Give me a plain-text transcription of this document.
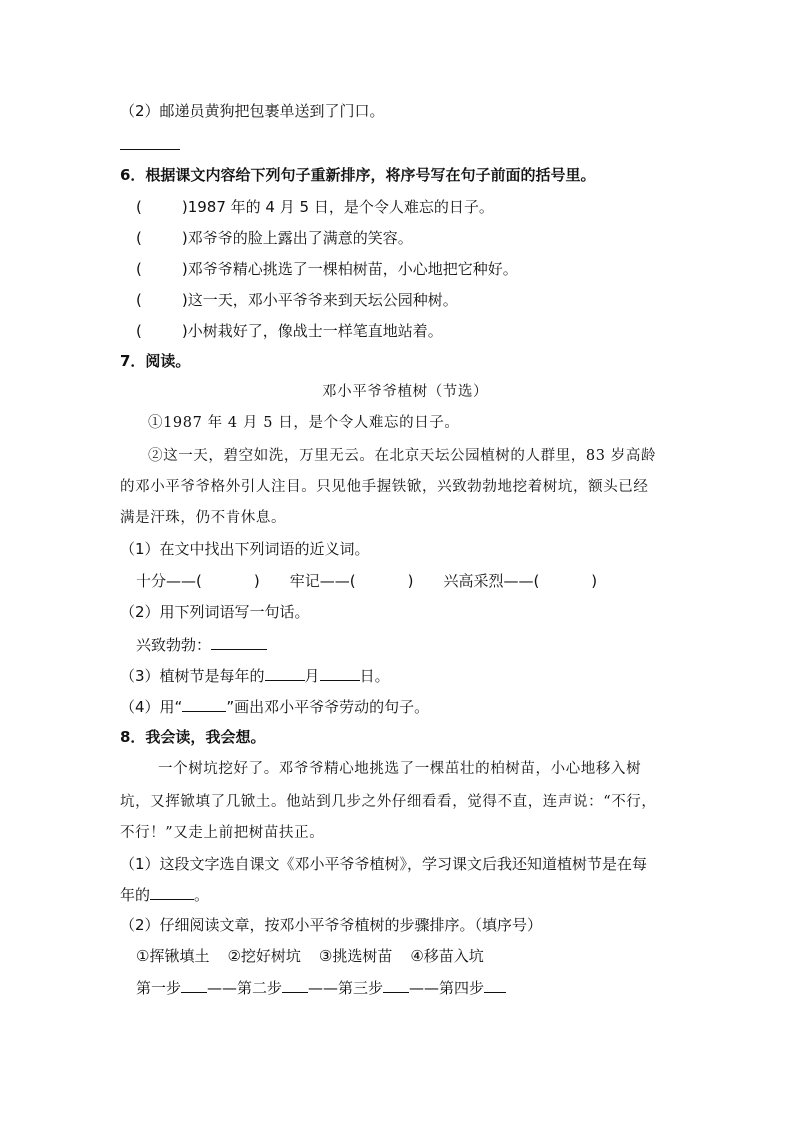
（2）邮递员黄狗把包裹单送到了门口。
6．根据课文内容给下列句子重新排序，将序号写在句子前面的括号里。
(	)1987 年的 4 月 5 日，是个令人难忘的日子。
(	)邓爷爷的脸上露出了满意的笑容。
(	)邓爷爷精心挑选了一棵柏树苗，小心地把它种好。
(	)这一天，邓小平爷爷来到天坛公园种树。
(	)小树栽好了，像战士一样笔直地站着。
7．阅读。
邓小平爷爷植树（节选）
①1987 年 4 月 5 日，是个令人难忘的日子。
②这一天，碧空如洗，万里无云。在北京天坛公园植树的人群里，83 岁高龄
的邓小平爷爷格外引人注目。只见他手握铁锨，兴致勃勃地挖着树坑，额头已经
满是汗珠，仍不肯休息。
（1）在文中找出下列词语的近义词。
十分——(	) 牢记——(	) 兴高采烈——(	)
（2）用下列词语写一句话。
兴致勃勃：
（3）植树节是每年的	月	日。
（4）用“	”画出邓小平爷爷劳动的句子。
8．我会读，我会想。
一个树坑挖好了。邓爷爷精心地挑选了一棵茁壮的柏树苗，小心地移入树
坑，又挥锨填了几锨土。他站到几步之外仔细看看，觉得不直，连声说：“不行，
不行！”又走上前把树苗扶正。
（1）这段文字选自课文《邓小平爷爷植树》，学习课文后我还知道植树节是在每
年的	。
（2）仔细阅读文章，按邓小平爷爷植树的步骤排序。（填序号）
①挥锹填土 ②挖好树坑 ③挑选树苗 ④移苗入坑
第一步 ——第二步 ——第三步 ——第四步
